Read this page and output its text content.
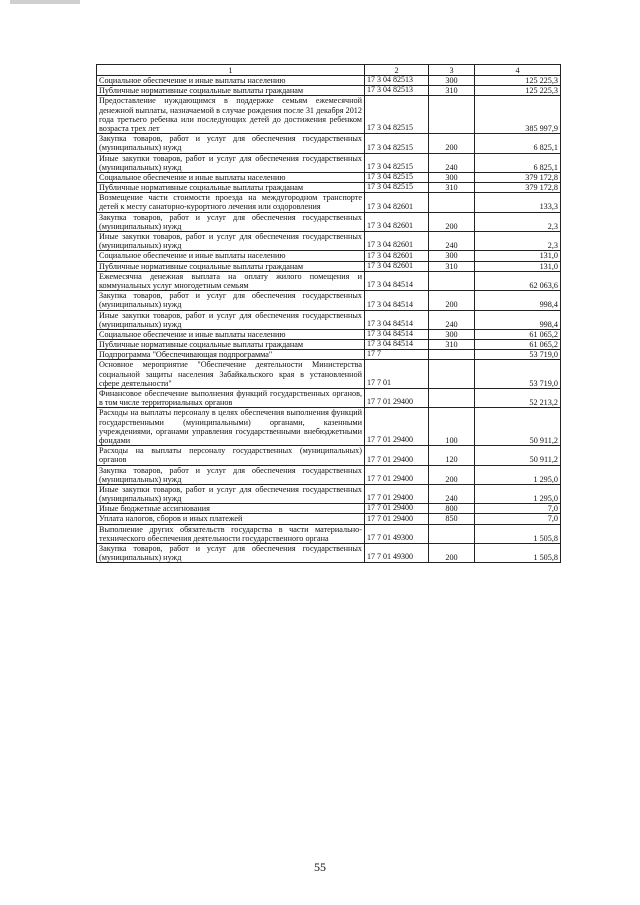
1	2	3	4
Социальное обеспечение и иные выплаты населению	17 3 04 82513	300	125 225,3
Публичные нормативные социальные выплаты гражданам	17 3 04 82513	310	125 225,3
Предоставление нуждающимся в поддержке семьям ежемесячной денежной выплаты, назначаемой в случае рождения после 31 декабря 2012 года третьего ребенка или последующих детей до достижения ребенком возраста трех лет	17 3 04 82515		385 997,9
Закупка товаров, работ и услуг для обеспечения государственных (муниципальных) нужд	17 3 04 82515	200	6 825,1
Иные закупки товаров, работ и услуг для обеспечения государственных (муниципальных) нужд	17 3 04 82515	240	6 825,1
Социальное обеспечение и иные выплаты населению	17 3 04 82515	300	379 172,8
Публичные нормативные социальные выплаты гражданам	17 3 04 82515	310	379 172,8
Возмещение части стоимости проезда на междугородном транспорте детей к месту санаторно-курортного лечения или оздоровления	17 3 04 82601		133,3
Закупка товаров, работ и услуг для обеспечения государственных (муниципальных) нужд	17 3 04 82601	200	2,3
Иные закупки товаров, работ и услуг для обеспечения государственных (муниципальных) нужд	17 3 04 82601	240	2,3
Социальное обеспечение и иные выплаты населению	17 3 04 82601	300	131,0
Публичные нормативные социальные выплаты гражданам	17 3 04 82601	310	131,0
Ежемесячна денежная выплата на оплату жилого помещения и коммунальных услуг многодетным семьям	17 3 04 84514		62 063,6
Закупка товаров, работ и услуг для обеспечения государственных (муниципальных) нужд	17 3 04 84514	200	998,4
Иные закупки товаров, работ и услуг для обеспечения государственных (муниципальных) нужд	17 3 04 84514	240	998,4
Социальное обеспечение и иные выплаты населению	17 3 04 84514	300	61 065,2
Публичные нормативные социальные выплаты гражданам	17 3 04 84514	310	61 065,2
Подпрограмма "Обеспечивающая подпрограмма"	17 7		53 719,0
Основное мероприятие "Обеспечение деятельности Министерства социальной защиты населения Забайкальского края в установленной сфере деятельности"	17 7 01		53 719,0
Финансовое обеспечение выполнения функций государственных органов, в том числе территориальных органов	17 7 01 29400		52 213,2
Расходы на выплаты персоналу в целях обеспечения выполнения функций государственными (муниципальными) органами, казенными учреждениями, органами управления государственными внебюджетными фондами	17 7 01 29400	100	50 911,2
Расходы на выплаты персоналу государственных (муниципальных) органов	17 7 01 29400	120	50 911,2
Закупка товаров, работ и услуг для обеспечения государственных (муниципальных) нужд	17 7 01 29400	200	1 295,0
Иные закупки товаров, работ и услуг для обеспечения государственных (муниципальных) нужд	17 7 01 29400	240	1 295,0
Иные бюджетные ассигнования	17 7 01 29400	800	7,0
Уплата налогов, сборов и иных платежей	17 7 01 29400	850	7,0
Выполнение других обязательств государства в части материально-технического обеспечения деятельности государственного органа	17 7 01 49300		1 505,8
Закупка товаров, работ и услуг для обеспечения государственных (муниципальных) нужд	17 7 01 49300	200	1 505,8
55
